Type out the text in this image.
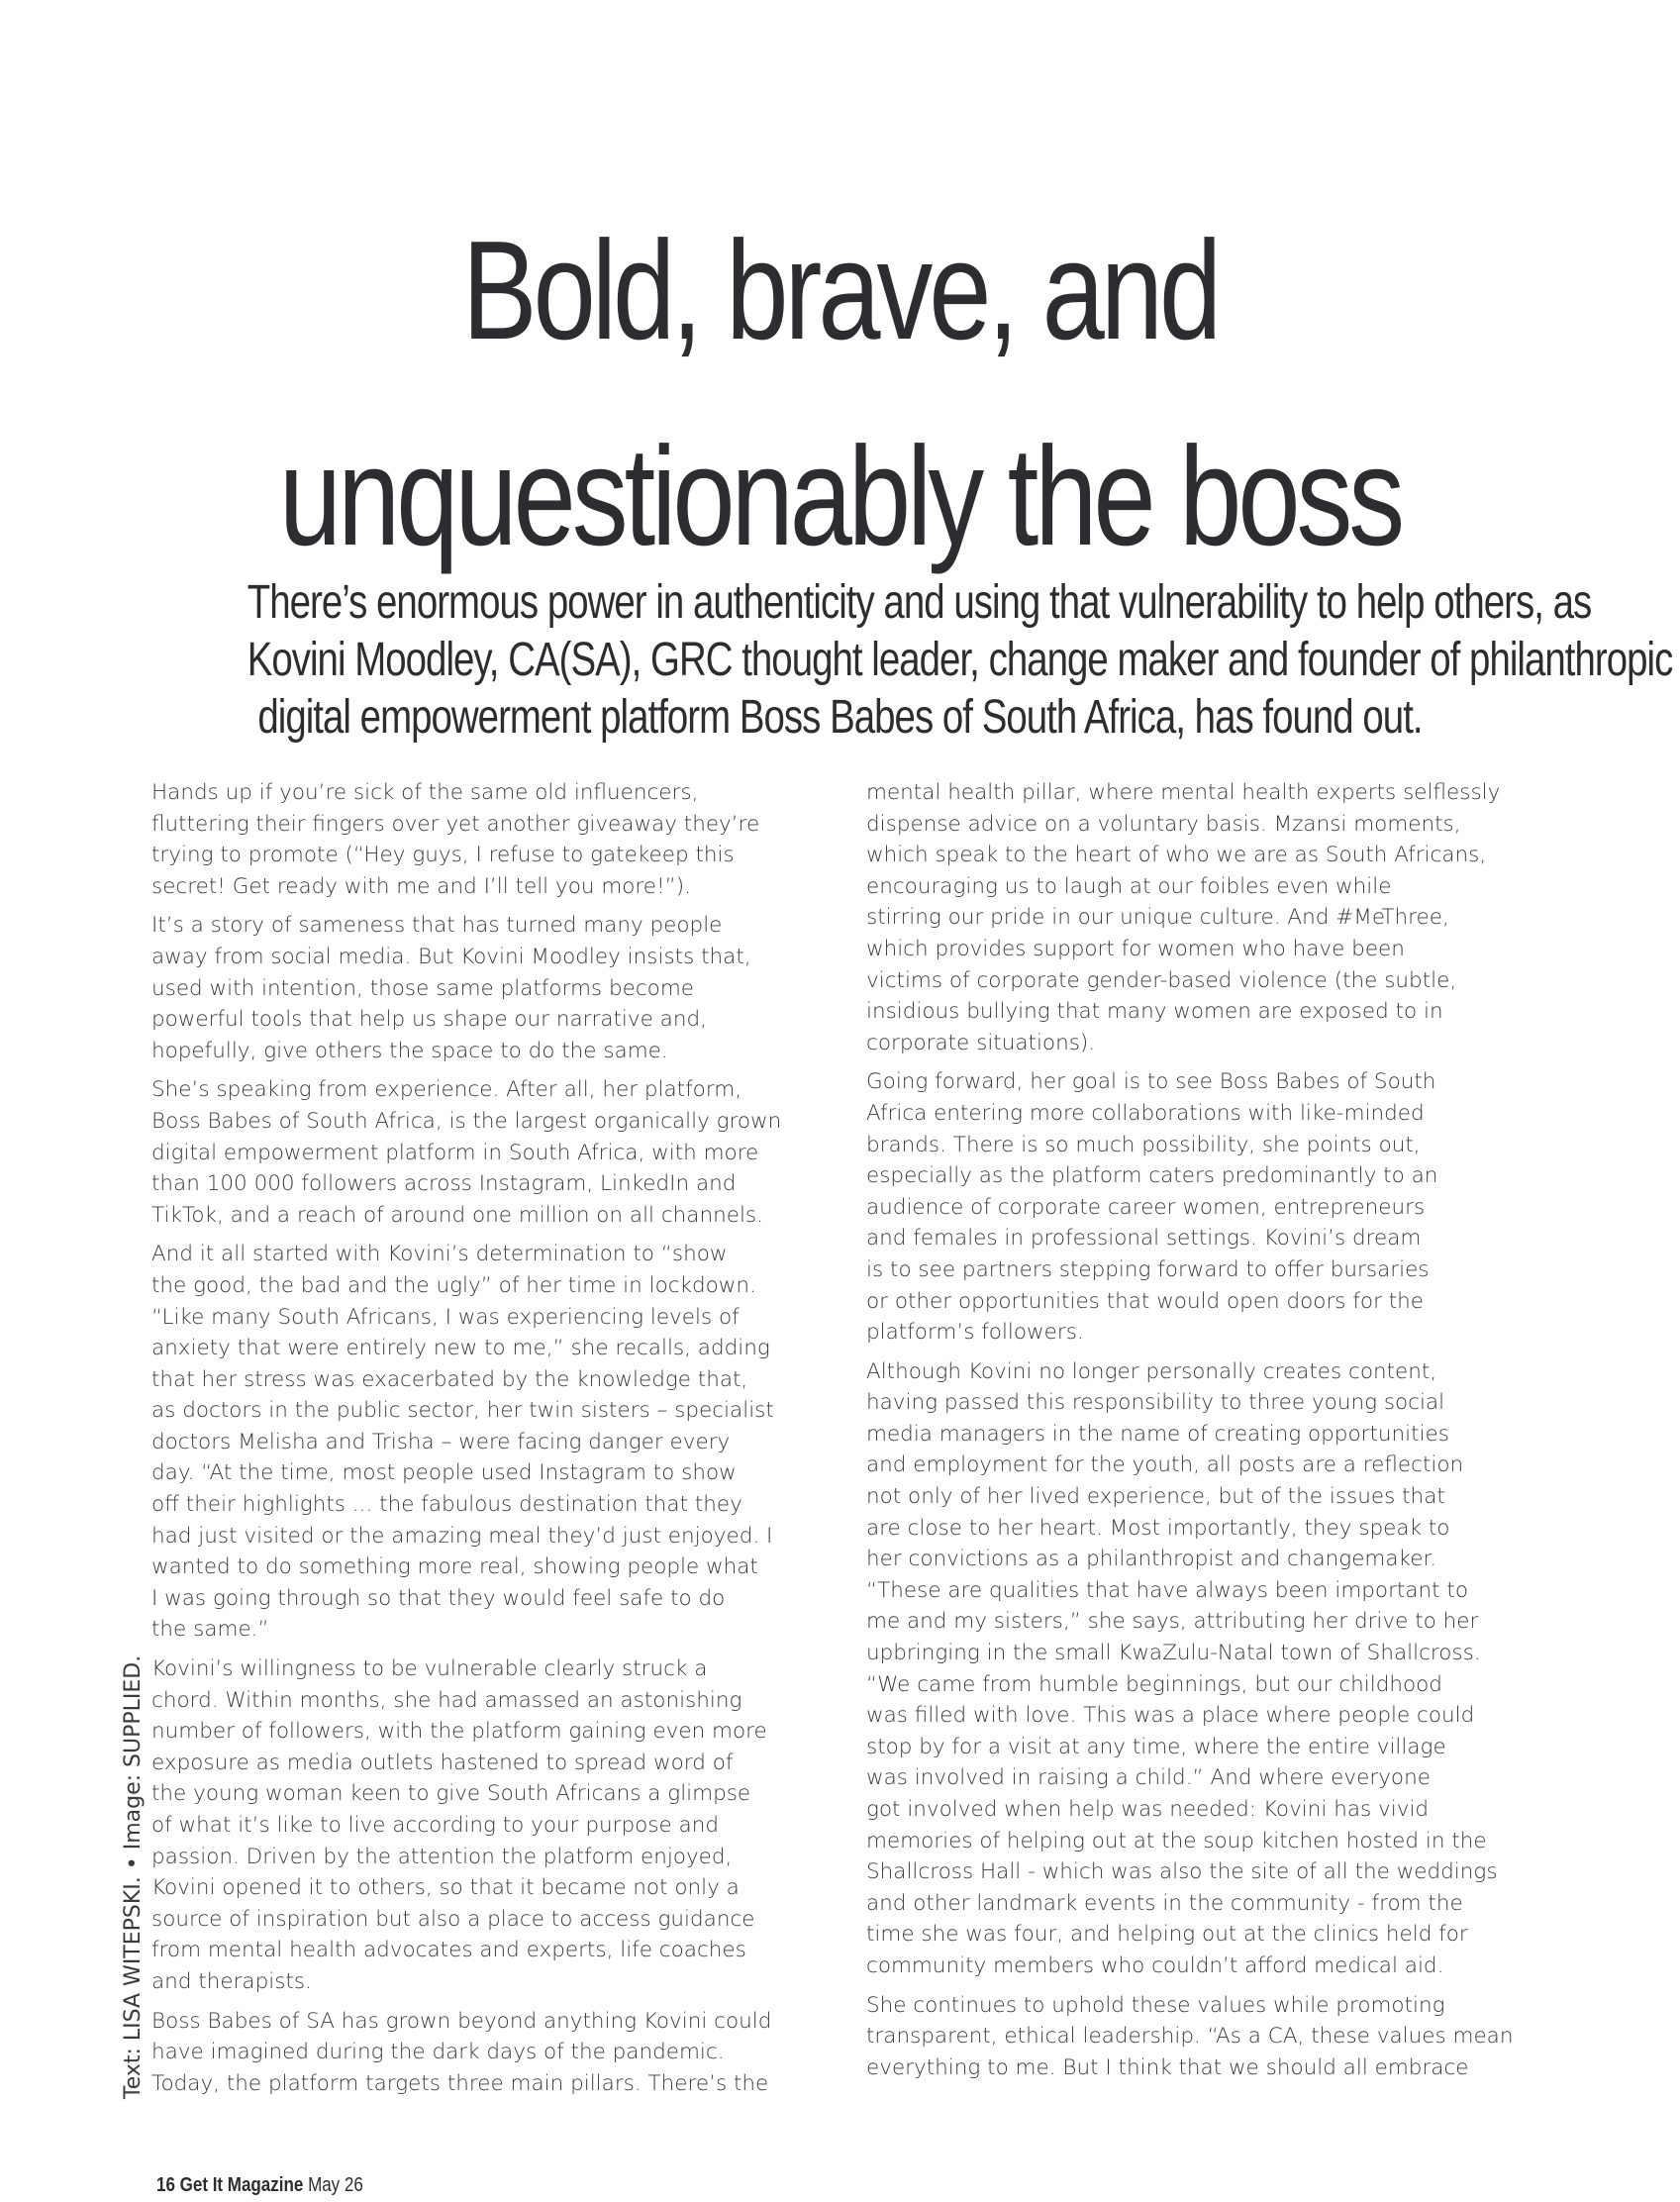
Bold, brave, and
unquestionably the boss
There’s enormous power in authenticity and using that vulnerability to help others, as
Kovini Moodley, CA(SA), GRC thought leader, change maker and founder of philanthropic
digital empowerment platform Boss Babes of South Africa, has found out.

Hands up if you’re sick of the same old influencers,
fluttering their fingers over yet another giveaway they’re
trying to promote (“Hey guys, I refuse to gatekeep this
secret! Get ready with me and I’ll tell you more!”).

It’s a story of sameness that has turned many people
away from social media. But Kovini Moodley insists that,
used with intention, those same platforms become
powerful tools that help us shape our narrative and,
hopefully, give others the space to do the same.

She’s speaking from experience. After all, her platform,
Boss Babes of South Africa, is the largest organically grown
digital empowerment platform in South Africa, with more
than 100 000 followers across Instagram, LinkedIn and
TikTok, and a reach of around one million on all channels.

And it all started with Kovini’s determination to “show
the good, the bad and the ugly” of her time in lockdown.
“Like many South Africans, I was experiencing levels of
anxiety that were entirely new to me,” she recalls, adding
that her stress was exacerbated by the knowledge that,
as doctors in the public sector, her twin sisters – specialist
doctors Melisha and Trisha – were facing danger every
day. “At the time, most people used Instagram to show
off their highlights ... the fabulous destination that they
had just visited or the amazing meal they’d just enjoyed. I
wanted to do something more real, showing people what
I was going through so that they would feel safe to do
the same.”

Kovini’s willingness to be vulnerable clearly struck a
chord. Within months, she had amassed an astonishing
number of followers, with the platform gaining even more
exposure as media outlets hastened to spread word of
the young woman keen to give South Africans a glimpse
of what it’s like to live according to your purpose and
passion. Driven by the attention the platform enjoyed,
Kovini opened it to others, so that it became not only a
source of inspiration but also a place to access guidance
from mental health advocates and experts, life coaches
and therapists.

Boss Babes of SA has grown beyond anything Kovini could
have imagined during the dark days of the pandemic.
Today, the platform targets three main pillars. There’s the

mental health pillar, where mental health experts selflessly
dispense advice on a voluntary basis. Mzansi moments,
which speak to the heart of who we are as South Africans,
encouraging us to laugh at our foibles even while
stirring our pride in our unique culture. And #MeThree,
which provides support for women who have been
victims of corporate gender-based violence (the subtle,
insidious bullying that many women are exposed to in
corporate situations).

Going forward, her goal is to see Boss Babes of South
Africa entering more collaborations with like-minded
brands. There is so much possibility, she points out,
especially as the platform caters predominantly to an
audience of corporate career women, entrepreneurs
and females in professional settings. Kovini’s dream
is to see partners stepping forward to offer bursaries
or other opportunities that would open doors for the
platform’s followers.

Although Kovini no longer personally creates content,
having passed this responsibility to three young social
media managers in the name of creating opportunities
and employment for the youth, all posts are a reflection
not only of her lived experience, but of the issues that
are close to her heart. Most importantly, they speak to
her convictions as a philanthropist and changemaker.
“These are qualities that have always been important to
me and my sisters,” she says, attributing her drive to her
upbringing in the small KwaZulu-Natal town of Shallcross.
“We came from humble beginnings, but our childhood
was filled with love. This was a place where people could
stop by for a visit at any time, where the entire village
was involved in raising a child.” And where everyone
got involved when help was needed: Kovini has vivid
memories of helping out at the soup kitchen hosted in the
Shallcross Hall - which was also the site of all the weddings
and other landmark events in the community - from the
time she was four, and helping out at the clinics held for
community members who couldn’t afford medical aid.

She continues to uphold these values while promoting
transparent, ethical leadership. “As a CA, these values mean
everything to me. But I think that we should all embrace

Text: LISA WITEPSKI. • Image: SUPPLIED.
16 Get It Magazine May 26
